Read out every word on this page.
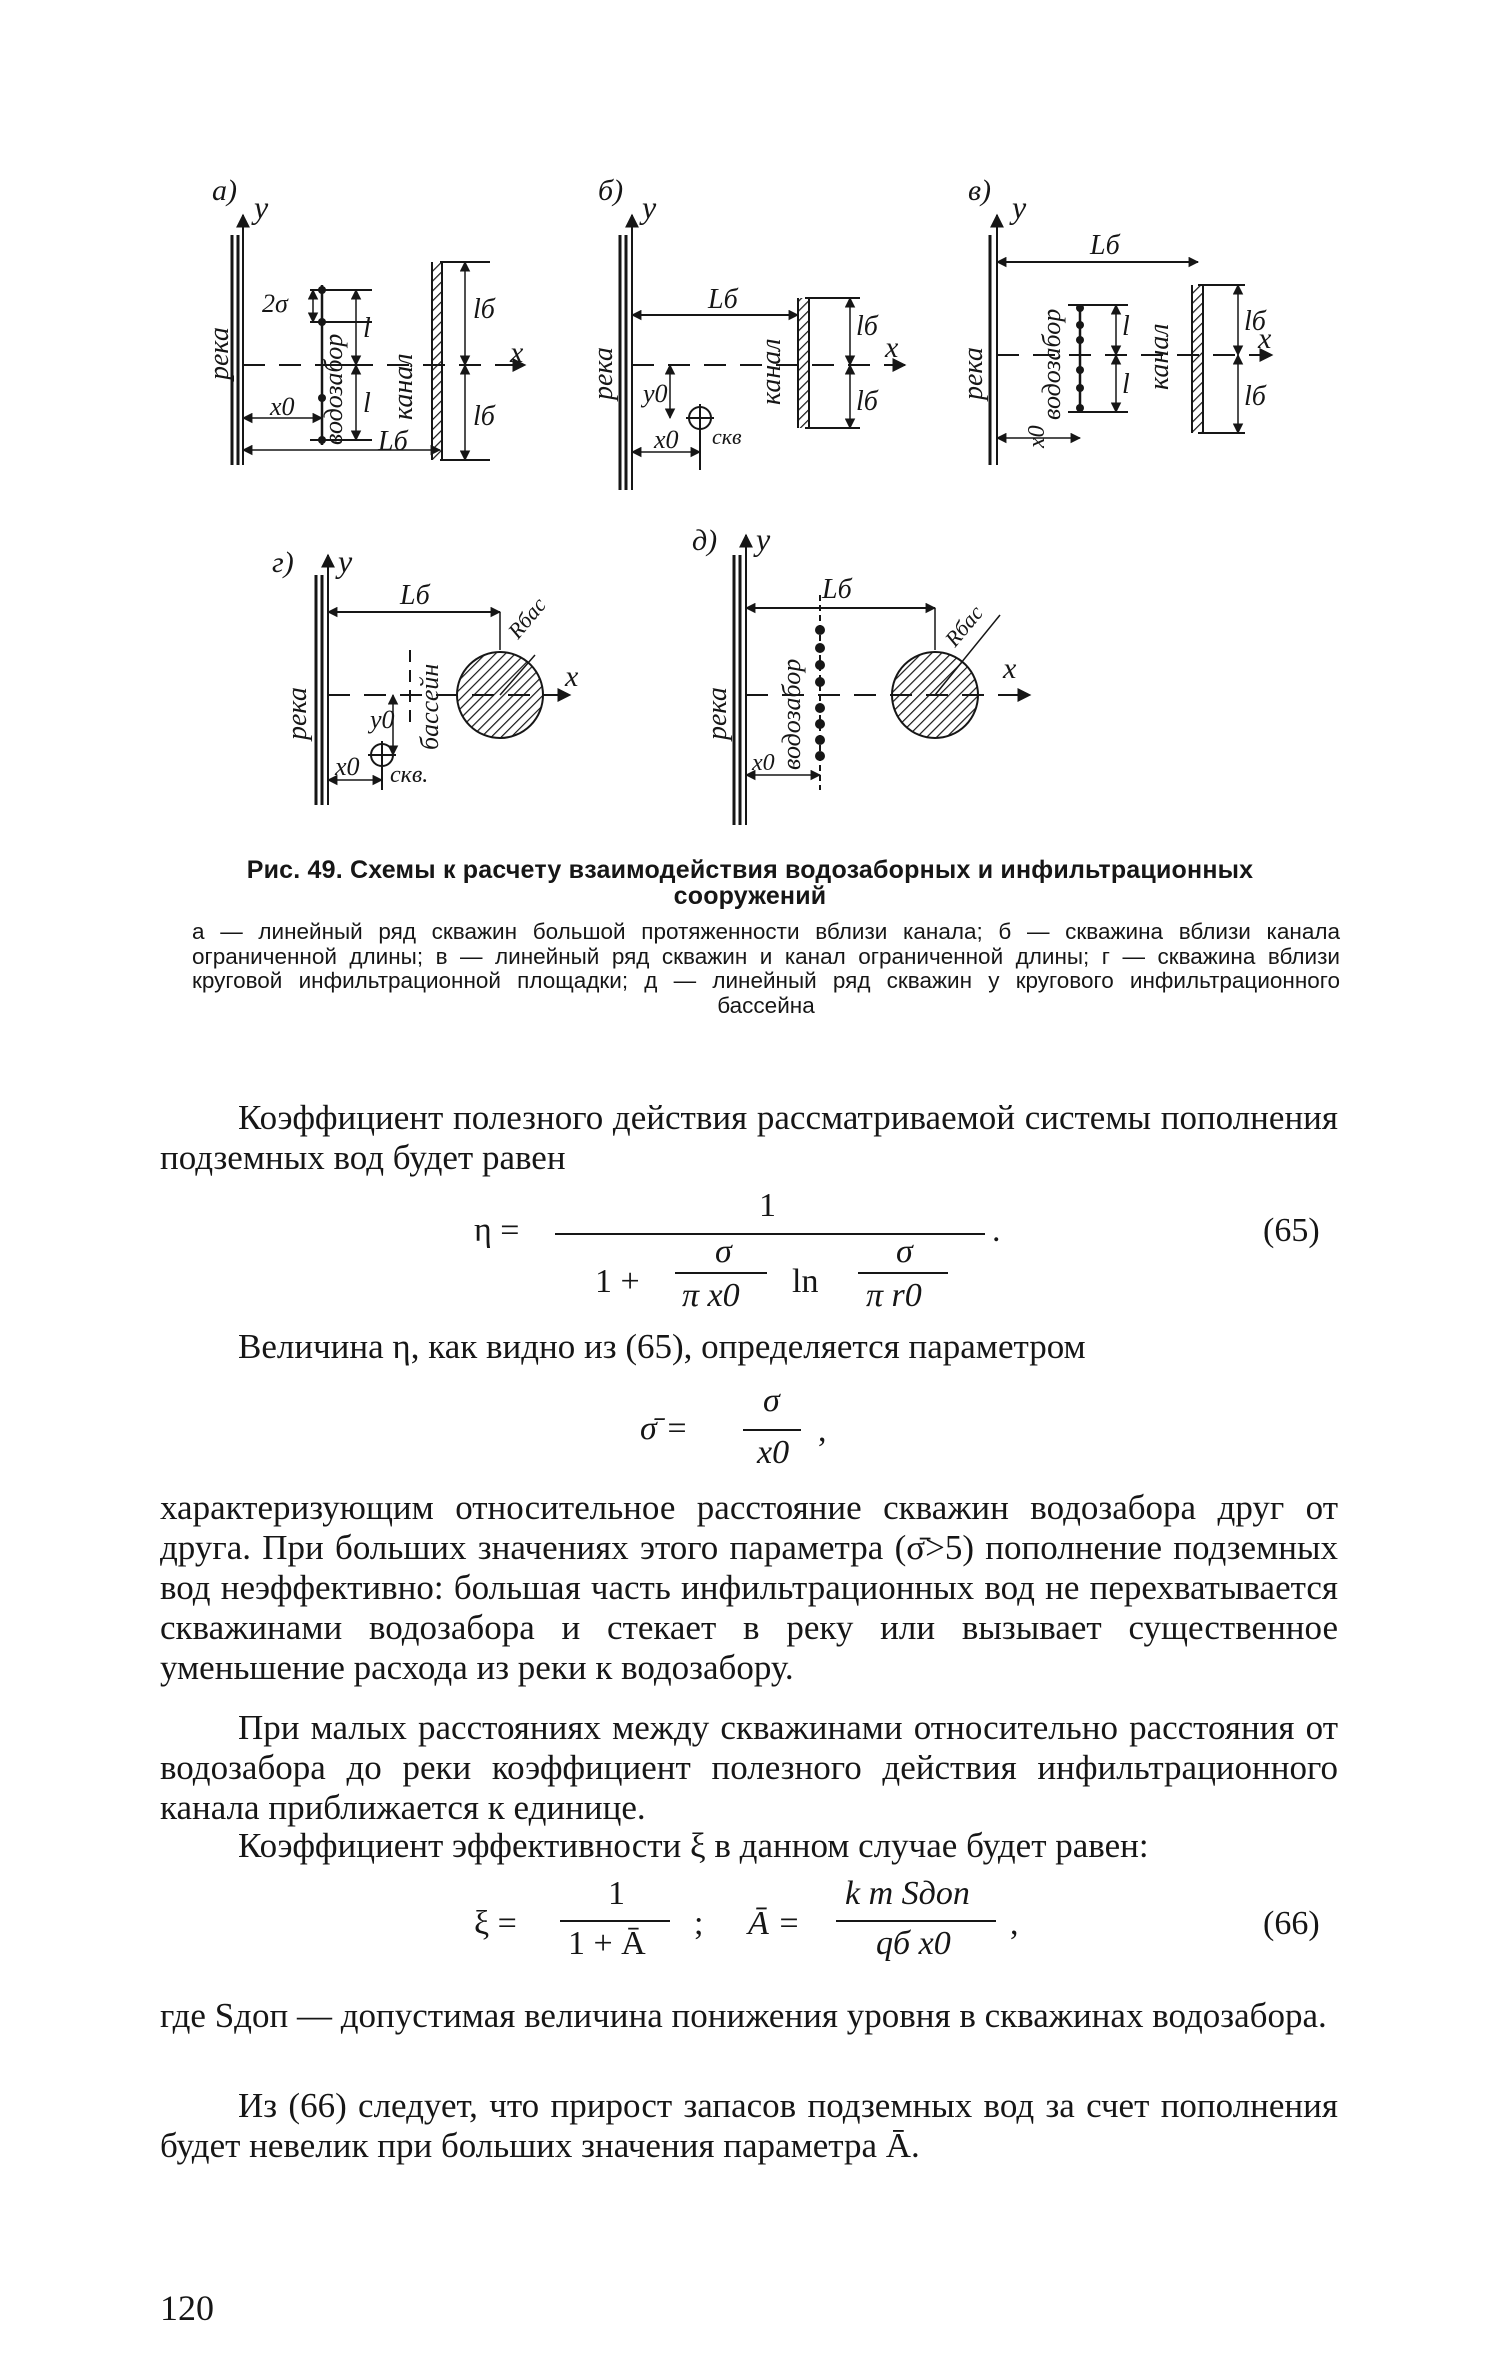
а) y
x
река	водозабор канал
2σ
l
l
lб
lб
Lб
x0
б) y
x
река	канал
Lб
lб
lб
y0
x0 скв
в) y
x
река водозабор	канал
Lб
l
l
lб
lб
x0
г) y
x
река	бассейн
Lб	Rбас
y0
x0 скв.
д) y
x
река водозабор
Lб
Rбас
x0
Рис. 49. Схемы к расчету взаимодействия водозаборных и инфильтрационных
сооружений
а — линейный ряд скважин большой протяженности вблизи канала; б — скважина вблизи канала ограниченной длины; в — линейный ряд скважин и канал ограниченной длины; г — скважина вблизи круговой инфильтрационной площадки; д — линейный ряд скважин у кругового инфильтрационного бассейна
Коэффициент полезного действия рассматриваемой системы пополнения подземных вод будет равен
η =
1
1 +
σ
π x0 ln
σ
π r0
.	(65)
Величина η, как видно из (65), определяется параметром
σ̄ =
σ
x0
,
характеризующим относительное расстояние скважин водозабора друг от друга. При больших значениях этого параметра (σ̄>5) пополнение подземных вод неэффективно: большая часть инфильтрационных вод не перехватывается скважинами водозабора и стекает в реку или вызывает существенное уменьшение расхода из реки к водозабору.
При малых расстояниях между скважинами относительно расстояния от водозабора до реки коэффициент полезного действия инфильтрационного канала приближается к единице.
Коэффициент эффективности ξ в данном случае будет равен:
ξ =
1
1 + Ā
; Ā =
k m Sдоп
qб x0
,	(66)
где Sдоп — допустимая величина понижения уровня в скважинах водозабора.
Из (66) следует, что прирост запасов подземных вод за счет пополнения будет невелик при больших значения параметра Ā.
120
